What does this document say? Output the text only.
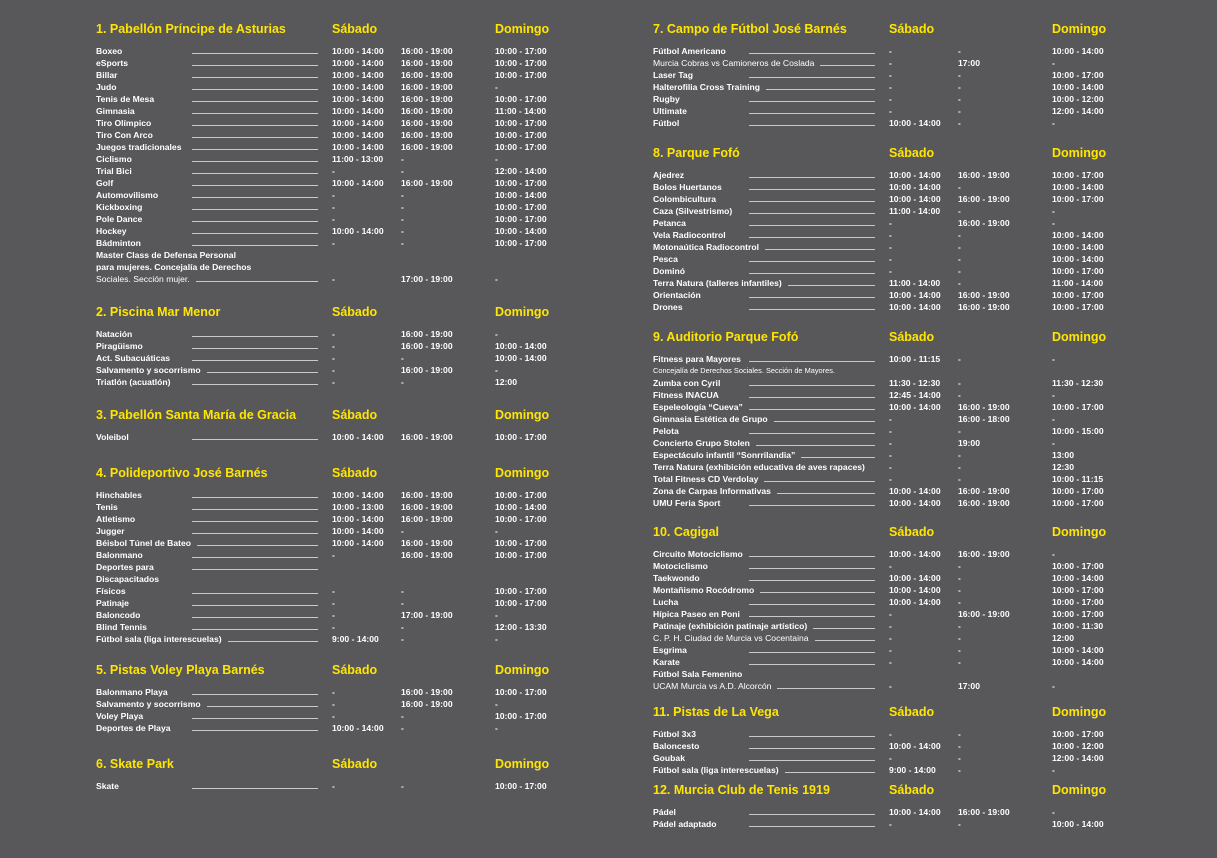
1. Pabellón Príncipe de Asturias	Sábado	Domingo
Boxeo	10:00 - 14:00 16:00 - 19:00	10:00 - 17:00
eSports	10:00 - 14:00 16:00 - 19:00	10:00 - 17:00
Billar	10:00 - 14:00 16:00 - 19:00	10:00 - 17:00
Judo	10:00 - 14:00 16:00 - 19:00	-
Tenis de Mesa	10:00 - 14:00 16:00 - 19:00	10:00 - 17:00
Gimnasia	10:00 - 14:00 16:00 - 19:00	11:00 - 14:00
Tiro Olímpico	10:00 - 14:00 16:00 - 19:00	10:00 - 17:00
Tiro Con Arco	10:00 - 14:00 16:00 - 19:00	10:00 - 17:00
Juegos tradicionales	10:00 - 14:00 16:00 - 19:00	10:00 - 17:00
Ciclismo	11:00 - 13:00 -	-
Trial Bici	-	-	12:00 - 14:00
Golf	10:00 - 14:00 16:00 - 19:00	10:00 - 17:00
Automovilismo	-	-	10:00 - 14:00
Kickboxing	-	-	10:00 - 17:00
Pole Dance	-	-	10:00 - 17:00
Hockey	10:00 - 14:00 -	10:00 - 14:00
Bádminton	-	-	10:00 - 17:00
Master Class de Defensa Personal
para mujeres. Concejalía de Derechos
Sociales. Sección mujer.	-	17:00 - 19:00	-
2. Piscina Mar Menor	Sábado	Domingo
Natación	-	16:00 - 19:00	-
Piragüismo	-	16:00 - 19:00	10:00 - 14:00
Act. Subacuáticas	-	-	10:00 - 14:00
Salvamento y socorrismo	-	16:00 - 19:00	-
Triatlón (acuatlón)	-	-	12:00
3. Pabellón Santa María de Gracia	Sábado	Domingo
Voleibol	10:00 - 14:00 16:00 - 19:00	10:00 - 17:00
4. Polideportivo José Barnés	Sábado	Domingo
Hinchables	10:00 - 14:00 16:00 - 19:00	10:00 - 17:00
Tenis	10:00 - 13:00 16:00 - 19:00	10:00 - 14:00
Atletismo	10:00 - 14:00 16:00 - 19:00	10:00 - 17:00
Jugger	10:00 - 14:00 -	-
Béisbol Túnel de Bateo	10:00 - 14:00 16:00 - 19:00	10:00 - 17:00
Balonmano	-	16:00 - 19:00	10:00 - 17:00
Deportes para
Discapacitados
Físicos	-	-	10:00 - 17:00
Patinaje	-	-	10:00 - 17:00
Baloncodo	-	17:00 - 19:00	-
Blind Tennis	-	-	12:00 - 13:30
Fútbol sala (liga interescuelas)	9:00 - 14:00	-	-
5. Pistas Voley Playa Barnés	Sábado	Domingo
Balonmano Playa	-	16:00 - 19:00	10:00 - 17:00
Salvamento y socorrismo	-	16:00 - 19:00	-
Voley Playa	-	-	10:00 - 17:00
Deportes de Playa	10:00 - 14:00 -	-
6. Skate Park	Sábado	Domingo
Skate	-	-	10:00 - 17:00
7. Campo de Fútbol José Barnés	Sábado	Domingo
Fútbol Americano	-	-	10:00 - 14:00
Murcia Cobras vs Camioneros de Coslada	-	17:00	-
Laser Tag	-	-	10:00 - 17:00
Halterofilia Cross Training	-	-	10:00 - 14:00
Rugby	-	-	10:00 - 12:00
Ultimate	-	-	12:00 - 14:00
Fútbol	10:00 - 14:00 -	-
8. Parque Fofó	Sábado	Domingo
Ajedrez	10:00 - 14:00 16:00 - 19:00	10:00 - 17:00
Bolos Huertanos	10:00 - 14:00 -	10:00 - 14:00
Colombicultura	10:00 - 14:00 16:00 - 19:00	10:00 - 17:00
Caza (Silvestrismo)	11:00 - 14:00 -	-
Petanca	-	16:00 - 19:00	-
Vela Radiocontrol	-	-	10:00 - 14:00
Motonaútica Radiocontrol	-	-	10:00 - 14:00
Pesca	-	-	10:00 - 14:00
Dominó	-	-	10:00 - 17:00
Terra Natura (talleres infantiles)	11:00 - 14:00 -	11:00 - 14:00
Orientación	10:00 - 14:00 16:00 - 19:00	10:00 - 17:00
Drones	10:00 - 14:00 16:00 - 19:00	10:00 - 17:00
9. Auditorio Parque Fofó	Sábado	Domingo
Fitness para Mayores	10:00 - 11:15 -	-
Concejalía de Derechos Sociales. Sección de Mayores.
Zumba con Cyril	11:30 - 12:30 -	11:30 - 12:30
Fitness INACUA	12:45 - 14:00 -	-
Espeleología “Cueva”	10:00 - 14:00 16:00 - 19:00	10:00 - 17:00
Gimnasia Estética de Grupo	-	16:00 - 18:00	-
Pelota	-	-	10:00 - 15:00
Concierto Grupo Stolen	-	19:00	-
Espectáculo infantil “Sonrrilandia”	-	-	13:00
Terra Natura (exhibición educativa de aves rapaces)	-	-	12:30
Total Fitness CD Verdolay	-	-	10:00 - 11:15
Zona de Carpas Informativas	10:00 - 14:00 16:00 - 19:00	10:00 - 17:00
UMU Feria Sport	10:00 - 14:00 16:00 - 19:00	10:00 - 17:00
10. Cagigal	Sábado	Domingo
Circuito Motociclismo	10:00 - 14:00 16:00 - 19:00	-
Motociclismo	-	-	10:00 - 17:00
Taekwondo	10:00 - 14:00 -	10:00 - 14:00
Montañismo Rocódromo	10:00 - 14:00 -	10:00 - 17:00
Lucha	10:00 - 14:00 -	10:00 - 17:00
Hípica Paseo en Poni	-	16:00 - 19:00	10:00 - 17:00
Patinaje (exhibición patinaje artístico)	-	-	10:00 - 11:30
C. P. H. Ciudad de Murcia vs Cocentaina	-	-	12:00
Esgrima	-	-	10:00 - 14:00
Karate	-	-	10:00 - 14:00
Fútbol Sala Femenino
UCAM Murcia vs A.D. Alcorcón	-	17:00	-
11. Pistas de La Vega	Sábado	Domingo
Fútbol 3x3	-	-	10:00 - 17:00
Baloncesto	10:00 - 14:00 -	10:00 - 12:00
Goubak	-	-	12:00 - 14:00
Fútbol sala (liga interescuelas)	9:00 - 14:00	-	-
12. Murcia Club de Tenis 1919	Sábado	Domingo
Pádel	10:00 - 14:00 16:00 - 19:00	-
Pádel adaptado	-	-	10:00 - 14:00
